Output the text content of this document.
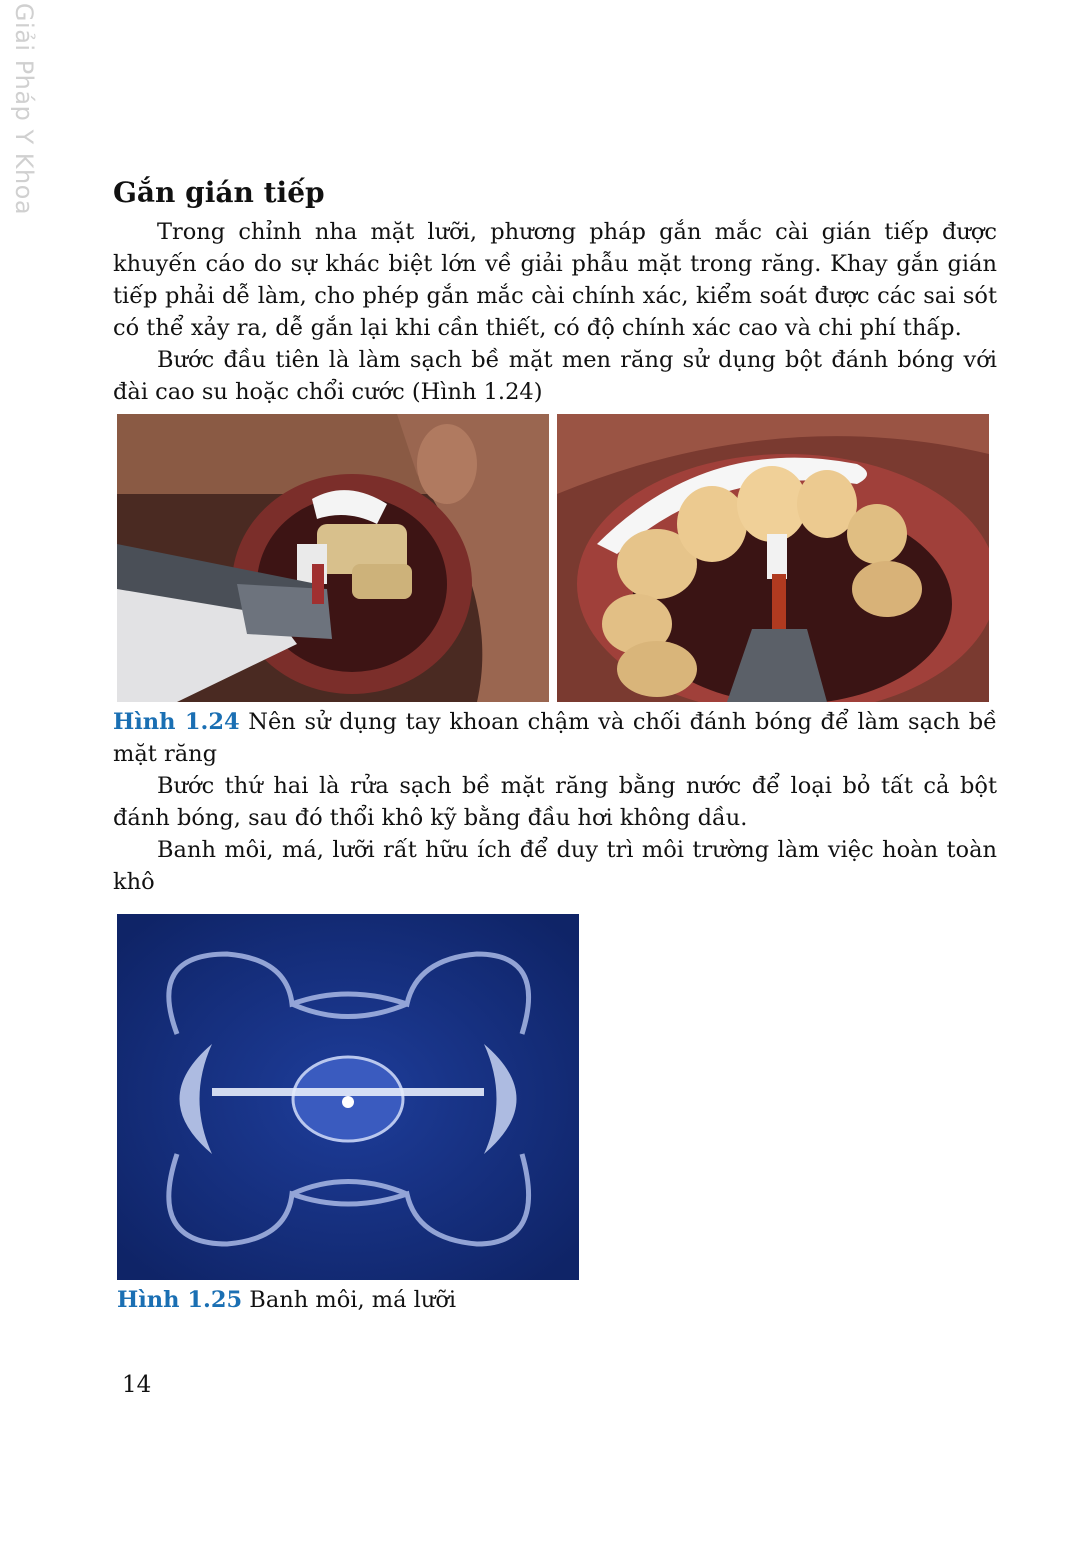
Giải Pháp Y Khoa	Gắn gián tiếp

Trong chỉnh nha mặt lưỡi, phương pháp gắn mắc cài gián tiếp được khuyến cáo do sự khác biệt lớn về giải phẫu mặt trong răng. Khay gắn gián tiếp phải dễ làm, cho phép gắn mắc cài chính xác, kiểm soát được các sai sót có thể xảy ra, dễ gắn lại khi cần thiết, có độ chính xác cao và chi phí thấp.

Bước đầu tiên là làm sạch bề mặt men răng sử dụng bột đánh bóng với đài cao su hoặc chổi cước (Hình 1.24)

Hình 1.24 Nên sử dụng tay khoan chậm và chối đánh bóng để làm sạch bề mặt răng

Bước thứ hai là rửa sạch bề mặt răng bằng nước để loại bỏ tất cả bột đánh bóng, sau đó thổi khô kỹ bằng đầu hơi không dầu.

Banh môi, má, lưỡi rất hữu ích để duy trì môi trường làm việc hoàn toàn khô

Hình 1.25 Banh môi, má lưỡi

14
